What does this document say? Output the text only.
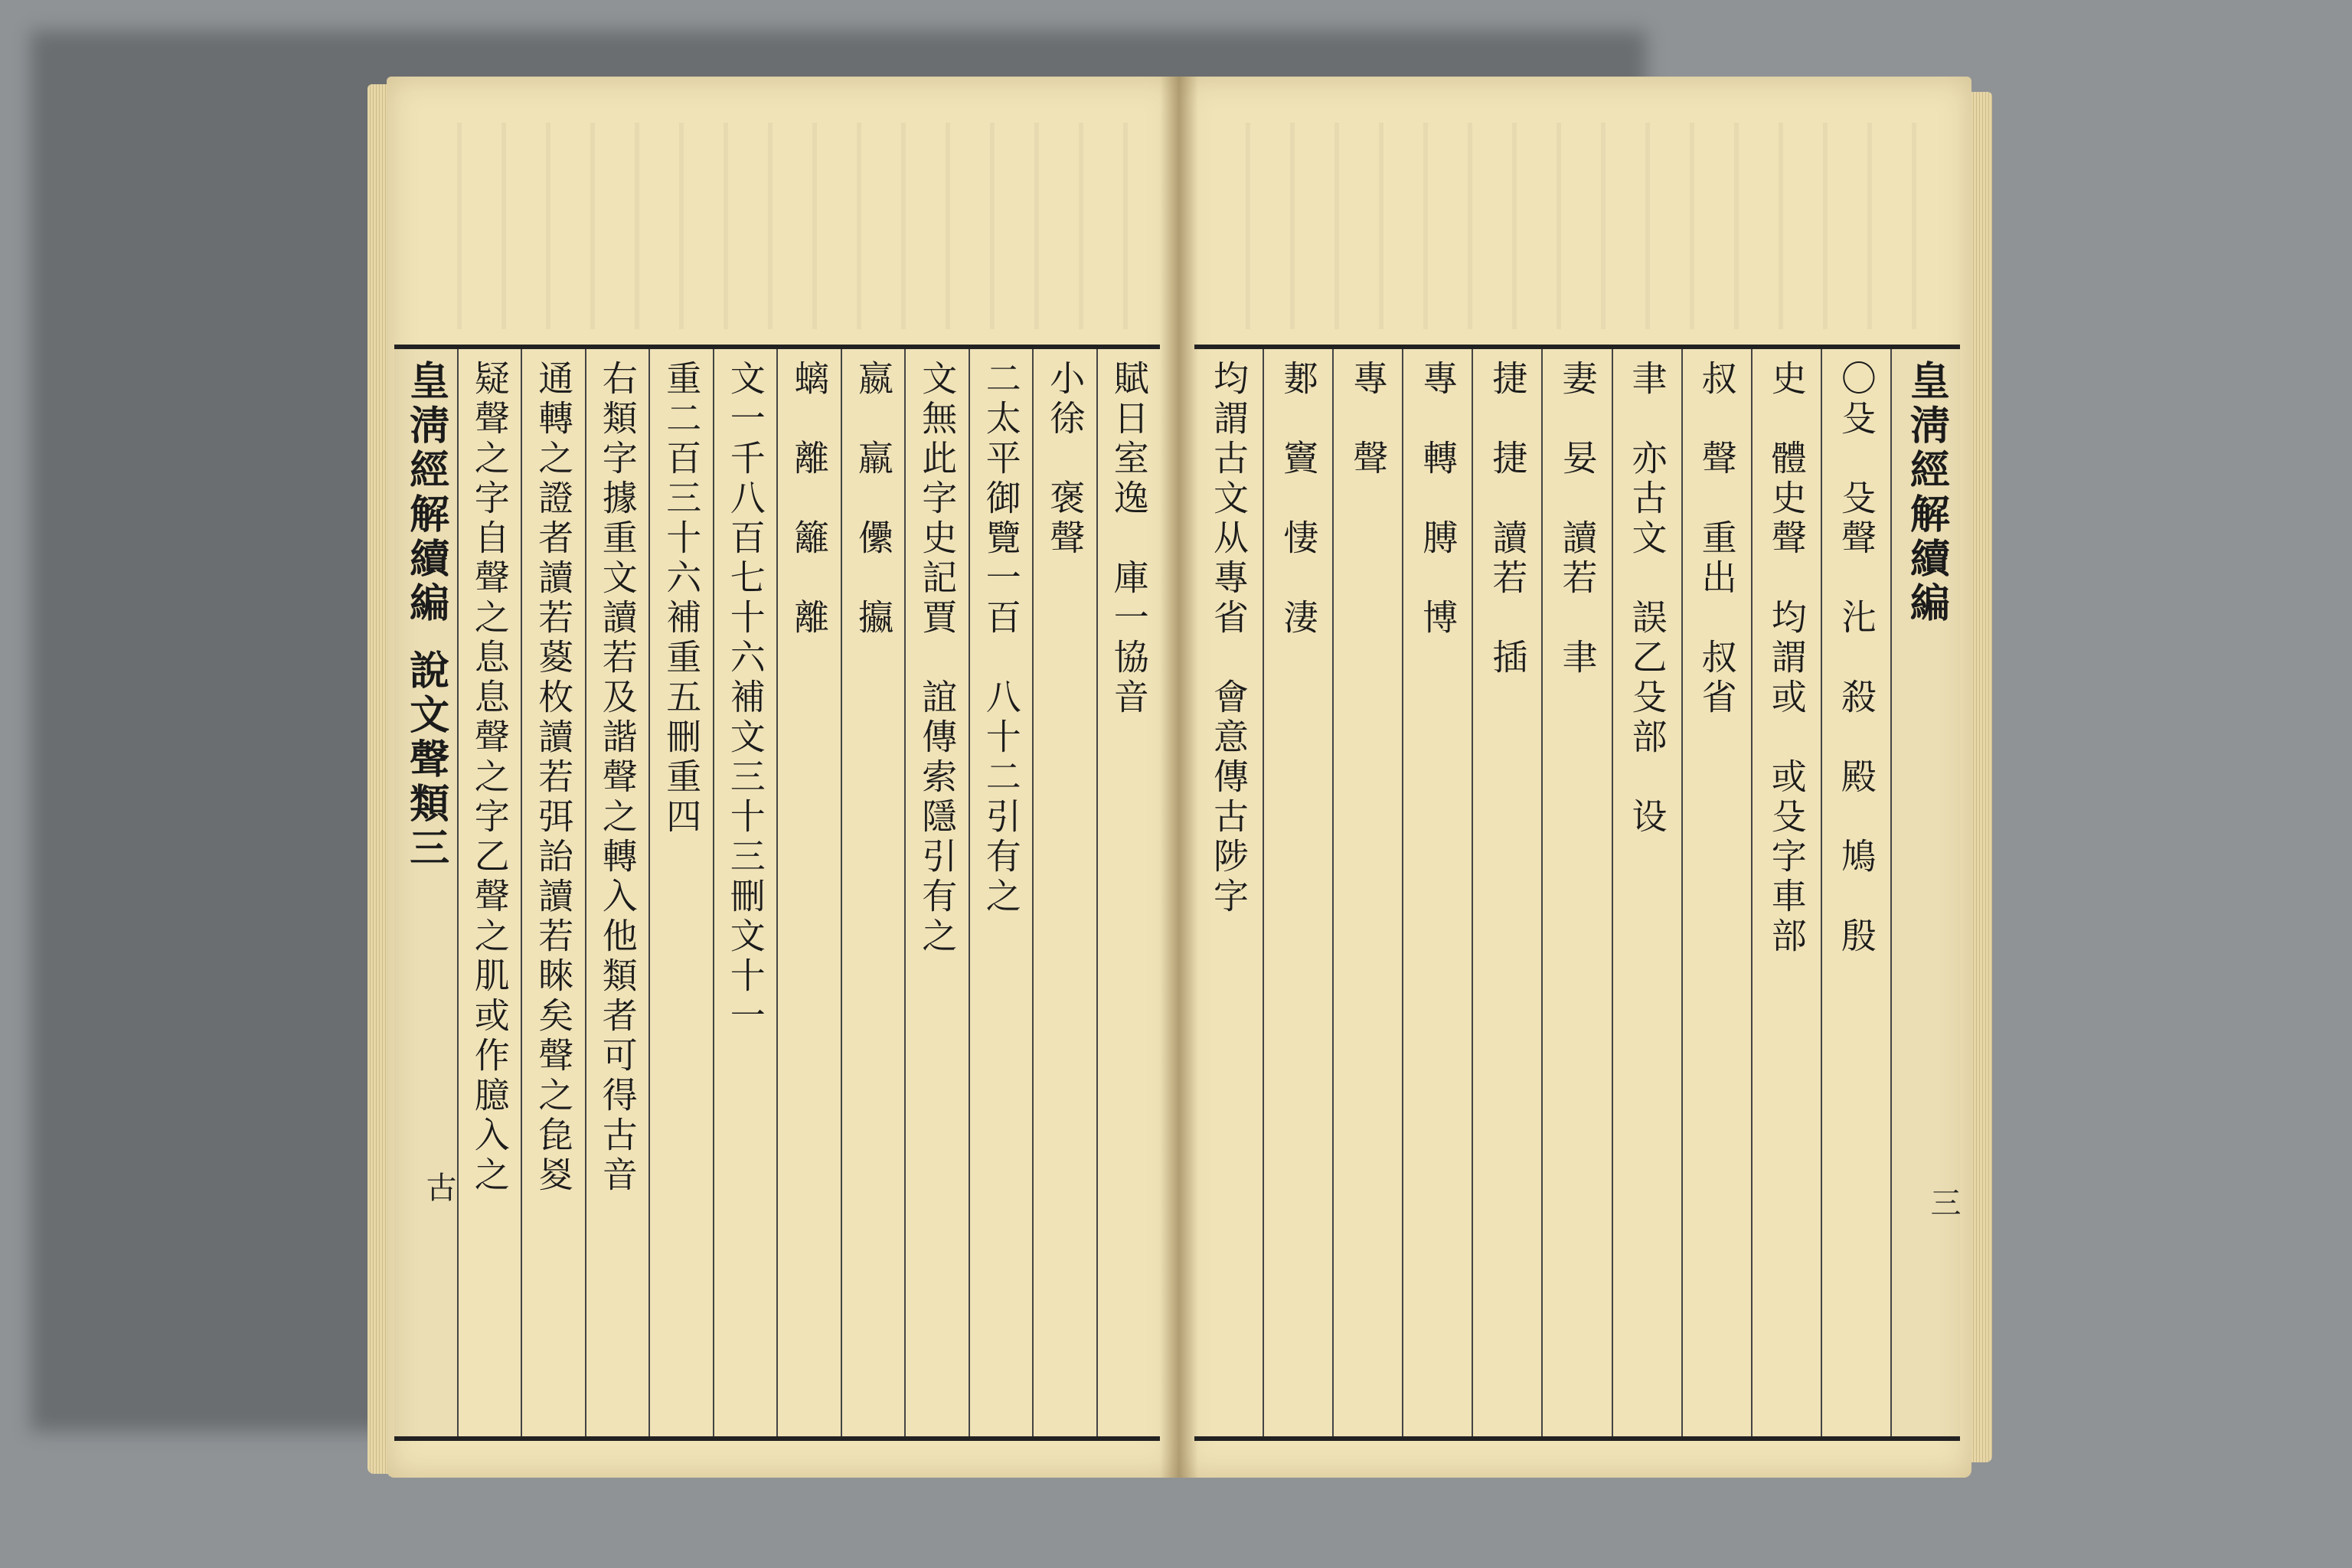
賦日室逸　庫一協音
小徐　褒聲
二太平御覽一百　八十二引有之
文無此字史記賈　誼傳索隱引有之
嬴　羸　儽　攍
螭　離　籬　離
文一千八百七十六補文三十三刪文十一
重二百三十六補重五刪重四
右類字據重文讀若及諧聲之轉入他類者可得古音
通轉之證者讀若葼枚讀若弭詒讀若睞矣聲之㲋㚇
疑聲之字自聲之息息聲之字乙聲之肌或作臆入之
皇淸經解續編
說文聲類三
古
皇淸經解續編
〇殳　殳聲　㲺　殺　殿　鳩　殷
史　體史聲　均謂或　或殳字車部
叔　聲　重出　叔省
聿　亦古文　誤乙殳部　设
妻　妟　讀若　聿
捷　捷　讀若　插
專　轉　膊　博
專　聲
郪　竇　悽　淒
均謂古文从專省　會意傳古陟字
三
